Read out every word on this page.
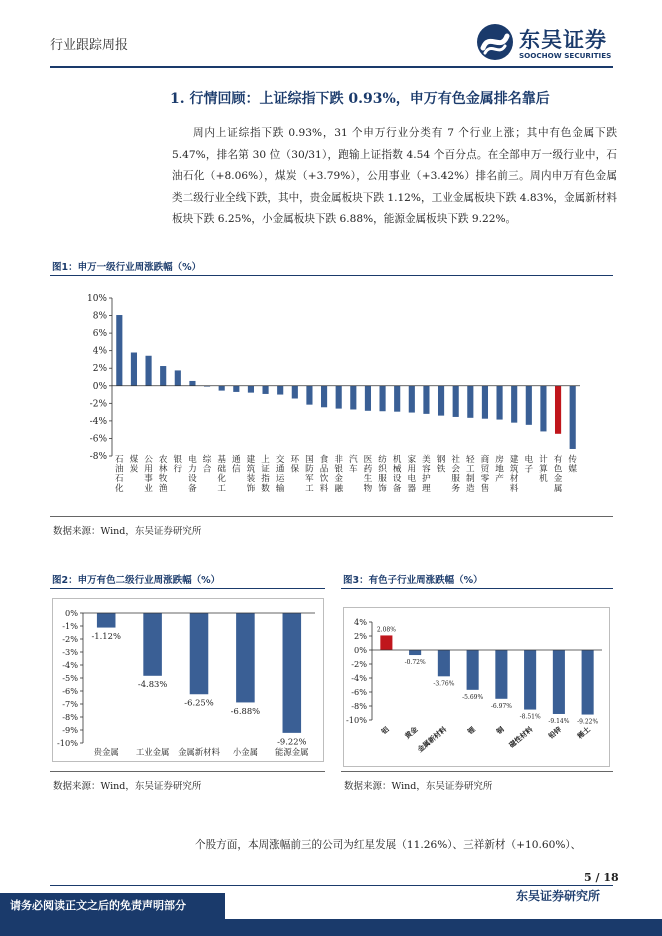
行业跟踪周报	东吴证券
SOOCHOW SECURITIES
1. 行情回顾：上证综指下跌 0.93%，申万有色金属排名靠后

周内上证综指下跌 0.93%，31 个申万行业分类有 7 个行业上涨；其中有色金属下跌 5.47%，排名第 30 位（30/31），跑输上证指数 4.54 个百分点。在全部申万一级行业中，石油石化（+8.06%），煤炭（+3.79%），公用事业（+3.42%）排名前三。周内申万有色金属类二级行业全线下跌，其中，贵金属板块下跌 1.12%，工业金属板块下跌 4.83%，金属新材料板块下跌 6.25%，小金属板块下跌 6.88%，能源金属板块下跌 9.22%。

图1：申万一级行业周涨跌幅（%）
10%
8%
6%
4%
2%
0%
-2%
-4%
-6%
-8% 石
油
石
化
煤
炭
公
用
事
业
农
林
牧
渔
银
行
电
力
设
备
综
合
基
础
化
工
通
信
建
筑
装
饰
上
证
指
数
交
通
运
输
环
保
国
防
军
工
食
品
饮
料
非
银
金
融
汽
车
医
药
生
物
纺
织
服
饰
机
械
设
备
家
用
电
器
美
容
护
理
钢
铁
社
会
服
务
轻
工
制
造
商
贸
零
售
房
地
产
建
筑
材
料
电
子
计
算
机
有
色
金
属
传
媒
数据来源：Wind，东吴证券研究所
图2：申万有色二级行业周涨跌幅（%）
0%
-1%
-2%
-3%
-4%
-5%
-6%
-7%
-8%
-9%
-10%
-1.12%
贵金属
-4.83%
工业金属
-6.25%
金属新材料
-6.88%
小金属
-9.22%
能源金属
数据来源：Wind，东吴证券研究所
图3：有色子行业周涨跌幅（%）
4%
2%
0%
-2%
-4%
-6%
-8%
-10%
2.08%
铝
-0.72%
黄金
-3.76%
金属新材料
-5.69%
锂
-6.97%
铜
-8.51%
磁性材料
-9.14%
铅锌
-9.22%
稀土
数据来源：Wind，东吴证券研究所
个股方面，本周涨幅前三的公司为红星发展（11.26%）、三祥新材（+10.60%）、
5 / 18
请务必阅读正文之后的免责声明部分
东吴证券研究所
